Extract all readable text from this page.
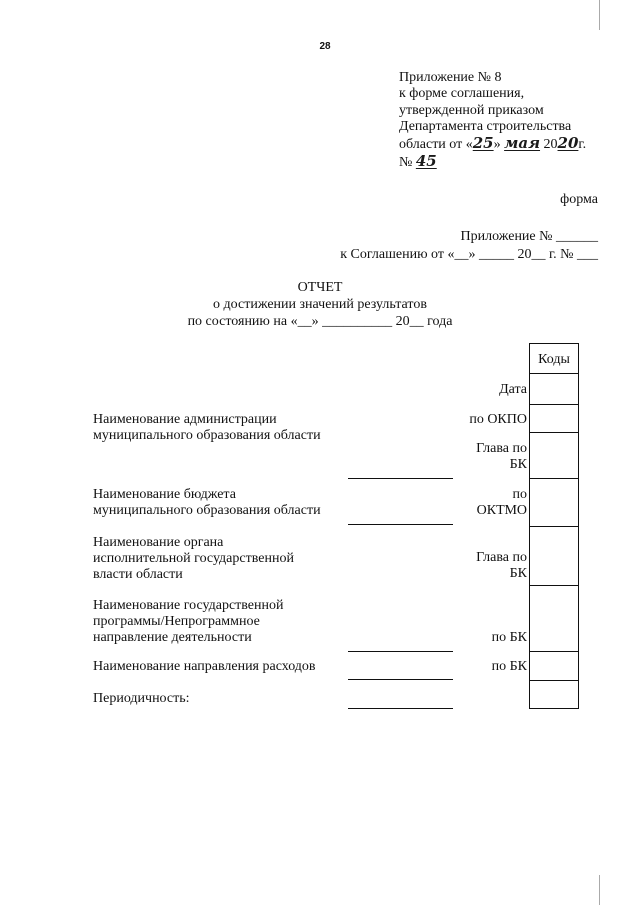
28
Приложение № 8
к форме соглашения,
утвержденной приказом
Департамента строительства
области от «25» мая 2020г.
№ 45
форма
Приложение № ______
к Соглашению от «__» _____ 20__ г. № ___
ОТЧЕТ
о достижении значений результатов
по состоянию на «__» __________ 20__ года
Коды
Дата
по ОКПО
Глава по
БК
по
ОКТМО
Глава по
БК
по БК
по БК
Наименование администрации
муниципального образования области
Наименование бюджета
муниципального образования области
Наименование органа
исполнительной государственной
власти области
Наименование государственной
программы/Непрограммное
направление деятельности
Наименование направления расходов
Периодичность:
